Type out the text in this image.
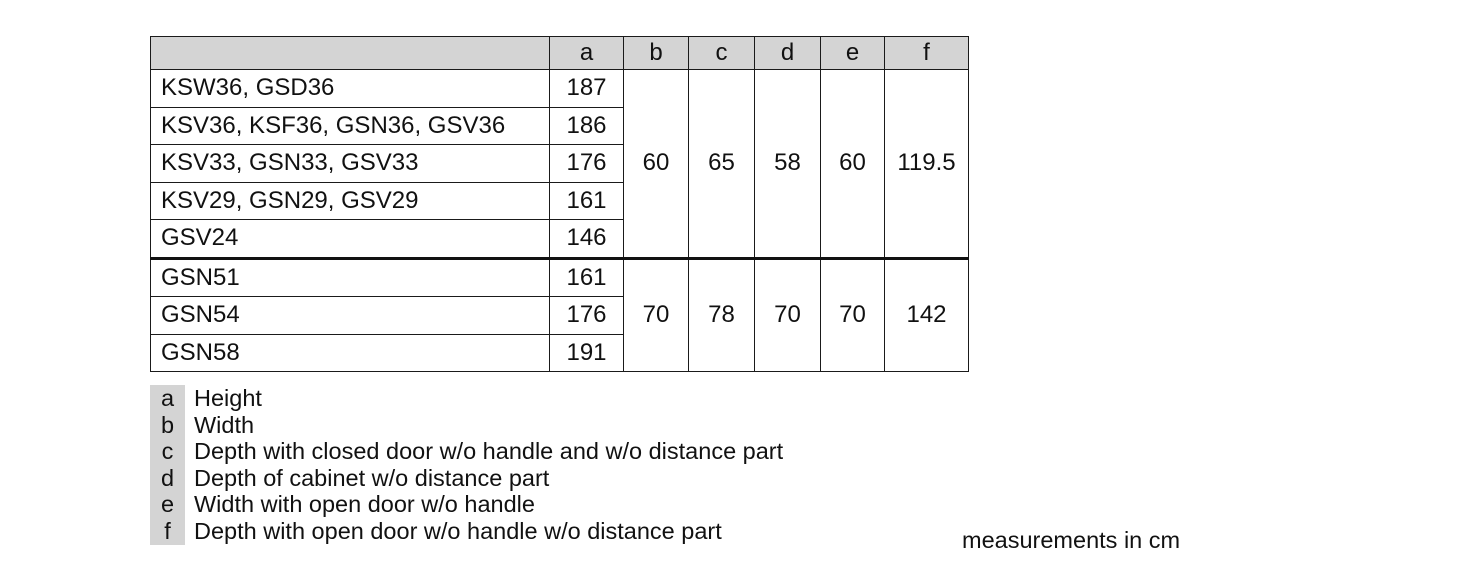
	a	b	c	d	e	f
KSW36, GSD36	187	60	65	58	60	119.5
KSV36, KSF36, GSN36, GSV36	186					
KSV33, GSN33, GSV33	176					
KSV29, GSN29, GSV29	161					
GSV24	146					
GSN51	161	70	78	70	70	142
GSN54	176					
GSN58	191					
a Height
b Width
c Depth with closed door w/o handle and w/o distance part
d Depth of cabinet w/o distance part
e Width with open door w/o handle
f Depth with open door w/o handle w/o distance part	measurements in cm
